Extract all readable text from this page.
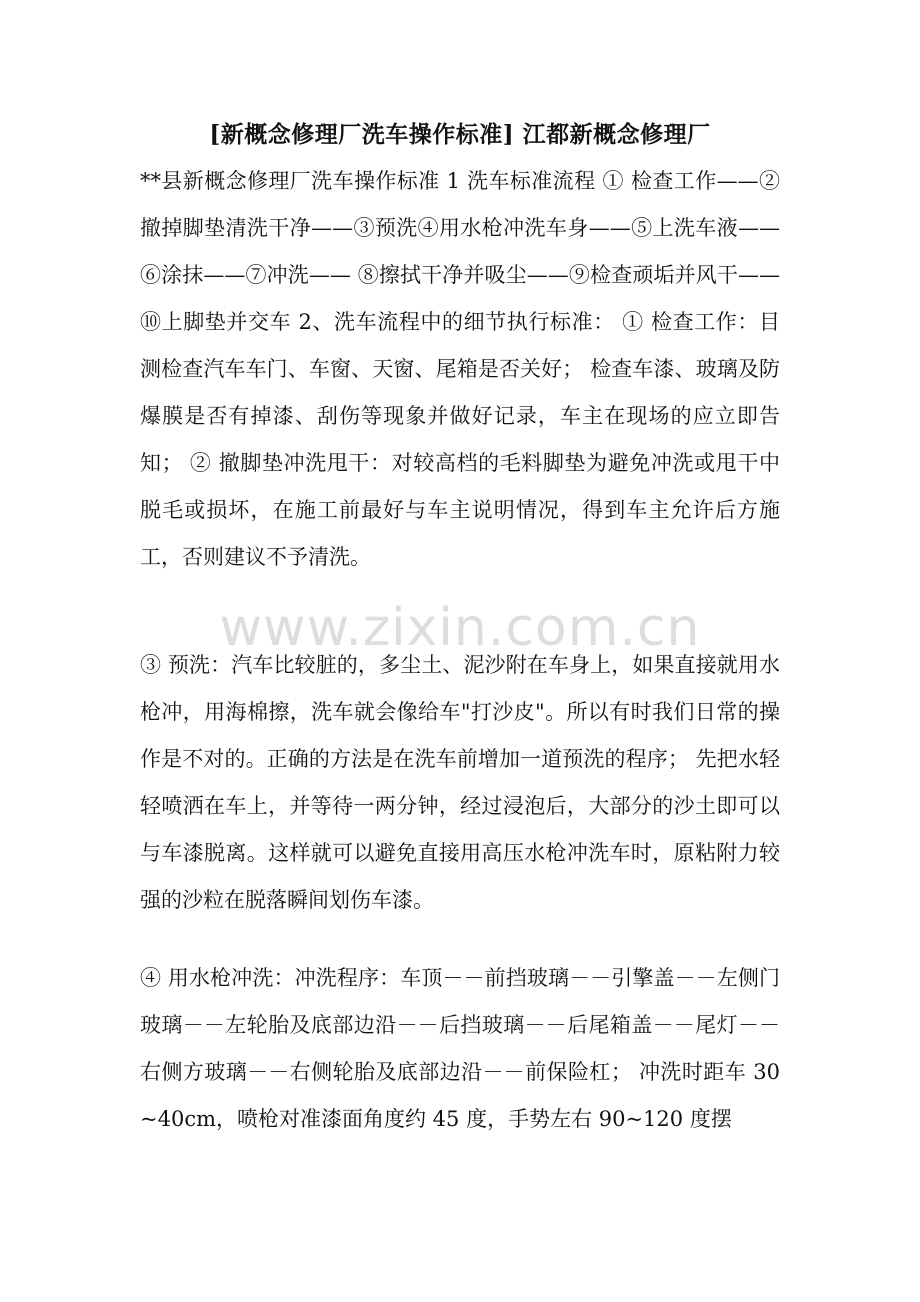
[新概念修理厂洗车操作标准] 江都新概念修理厂
**县新概念修理厂洗车操作标准 1 洗车标准流程 ① 检查工作——②撤掉脚垫清洗干净——③预洗④用水枪冲洗车身——⑤上洗车液——⑥涂抹——⑦冲洗—— ⑧擦拭干净并吸尘——⑨检查顽垢并风干——⑩上脚垫并交车 2、洗车流程中的细节执行标准： ① 检查工作：目测检查汽车车门、车窗、天窗、尾箱是否关好； 检查车漆、玻璃及防爆膜是否有掉漆、刮伤等现象并做好记录，车主在现场的应立即告知； ② 撤脚垫冲洗甩干：对较高档的毛料脚垫为避免冲洗或甩干中脱毛或损坏，在施工前最好与车主说明情况，得到车主允许后方施工，否则建议不予清洗。
www.zixin.com.cn
③ 预洗：汽车比较脏的，多尘土、泥沙附在车身上，如果直接就用水枪冲，用海棉擦，洗车就会像给车"打沙皮"。所以有时我们日常的操作是不对的。正确的方法是在洗车前增加一道预洗的程序； 先把水轻轻喷洒在车上，并等待一两分钟，经过浸泡后，大部分的沙土即可以与车漆脱离。这样就可以避免直接用高压水枪冲洗车时，原粘附力较强的沙粒在脱落瞬间划伤车漆。
④ 用水枪冲洗：冲洗程序：车顶－－前挡玻璃－－引擎盖－－左侧门玻璃－－左轮胎及底部边沿－－后挡玻璃－－后尾箱盖－－尾灯－－右侧方玻璃－－右侧轮胎及底部边沿－－前保险杠； 冲洗时距车 30~40cm，喷枪对准漆面角度约 45 度，手势左右 90~120 度摆
